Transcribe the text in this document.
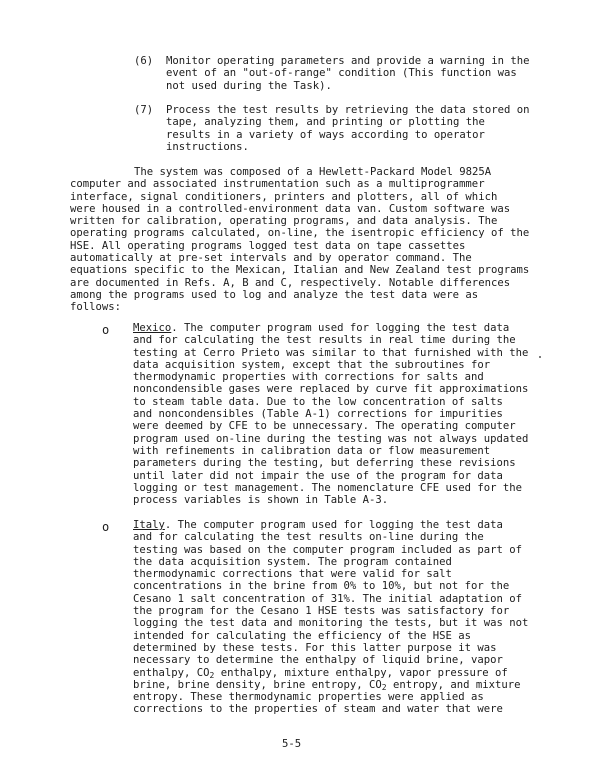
(6) Monitor operating parameters and provide a warning in the
event of an "out-of-range" condition (This function was
not used during the Task).
(7) Process the test results by retrieving the data stored on
tape, analyzing them, and printing or plotting the
results in a variety of ways according to operator
instructions.
The system was composed of a Hewlett-Packard Model 9825A
computer and associated instrumentation such as a multiprogrammer
interface, signal conditioners, printers and plotters, all of which
were housed in a controlled-environment data van. Custom software was
written for calibration, operating programs, and data analysis. The
operating programs calculated, on-line, the isentropic efficiency of the
HSE. All operating programs logged test data on tape cassettes
automatically at pre-set intervals and by operator command. The
equations specific to the Mexican, Italian and New Zealand test programs
are documented in Refs. A, B and C, respectively. Notable differences
among the programs used to log and analyze the test data were as
follows:
o Mexico. The computer program used for logging the test data
and for calculating the test results in real time during the
testing at Cerro Prieto was similar to that furnished with the
data acquisition system, except that the subroutines for
thermodynamic properties with corrections for salts and
noncondensible gases were replaced by curve fit approximations
to steam table data. Due to the low concentration of salts
and noncondensibles (Table A-1) corrections for impurities
were deemed by CFE to be unnecessary. The operating computer
program used on-line during the testing was not always updated
with refinements in calibration data or flow measurement
parameters during the testing, but deferring these revisions
until later did not impair the use of the program for data
logging or test management. The nomenclature CFE used for the
process variables is shown in Table A-3.
o Italy. The computer program used for logging the test data
and for calculating the test results on-line during the
testing was based on the computer program included as part of
the data acquisition system. The program contained
thermodynamic corrections that were valid for salt
concentrations in the brine from 0% to 10%, but not for the
Cesano 1 salt concentration of 31%. The initial adaptation of
the program for the Cesano 1 HSE tests was satisfactory for
logging the test data and monitoring the tests, but it was not
intended for calculating the efficiency of the HSE as
determined by these tests. For this latter purpose it was
necessary to determine the enthalpy of liquid brine, vapor
enthalpy, $CO_2$ enthalpy, mixture enthalpy, vapor pressure of
brine, brine density, brine entropy, $CO_2$ entropy, and mixture
entropy. These thermodynamic properties were applied as
corrections to the properties of steam and water that were
5-5
